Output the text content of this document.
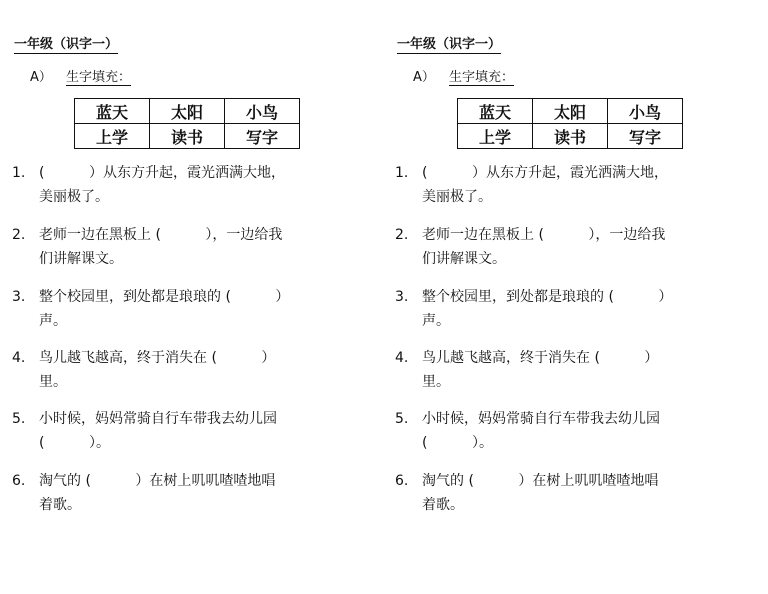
一年级（识字一）
A） 生字填充：
蓝天	太阳	小鸟
上学	读书	写字
1. (          ）从东方升起，霞光洒满大地，
美丽极了。
2. 老师一边在黑板上 (          ），一边给我
们讲解课文。
3. 整个校园里，到处都是琅琅的 (          ）
声。
4. 鸟儿越飞越高，终于消失在 (          ）
里。
5. 小时候，妈妈常骑自行车带我去幼儿园
(          ）。
6. 淘气的 (          ）在树上叽叽喳喳地唱
着歌。
一年级（识字一）
A） 生字填充：
蓝天	太阳	小鸟
上学	读书	写字
1. (          ）从东方升起，霞光洒满大地，
美丽极了。
2. 老师一边在黑板上 (          ），一边给我
们讲解课文。
3. 整个校园里，到处都是琅琅的 (          ）
声。
4. 鸟儿越飞越高，终于消失在 (          ）
里。
5. 小时候，妈妈常骑自行车带我去幼儿园
(          ）。
6. 淘气的 (          ）在树上叽叽喳喳地唱
着歌。
